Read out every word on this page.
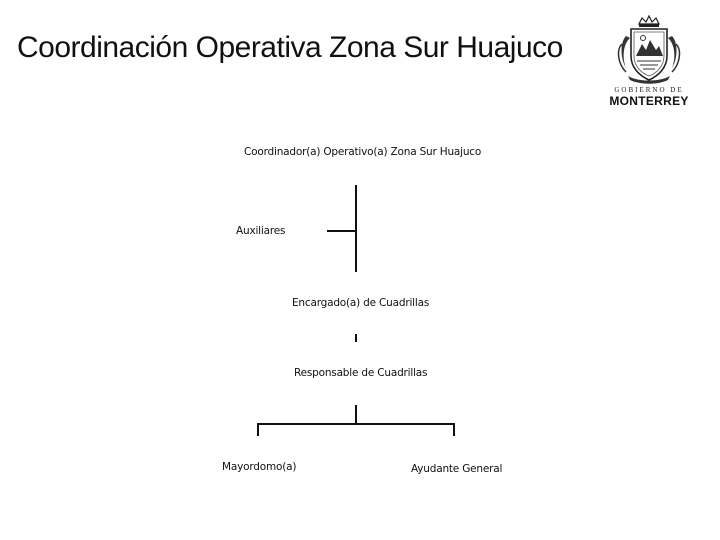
Coordinación Operativa Zona Sur Huajuco
GOBIERNO DE
MONTERREY
Coordinador(a) Operativo(a) Zona Sur Huajuco
Auxiliares
Encargado(a) de Cuadrillas
Responsable de Cuadrillas
Mayordomo(a)	Ayudante General
